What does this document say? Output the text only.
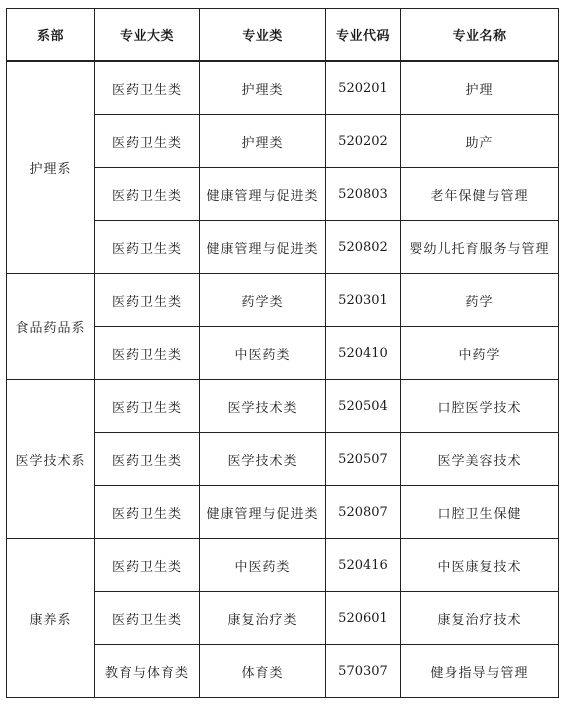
系部	专业大类	专业类	专业代码	专业名称
护理系	医药卫生类	护理类	520201	护理
	医药卫生类	护理类	520202	助产
	医药卫生类	健康管理与促进类	520803	老年保健与管理
	医药卫生类	健康管理与促进类	520802	婴幼儿托育服务与管理
食品药品系	医药卫生类	药学类	520301	药学
	医药卫生类	中医药类	520410	中药学
医学技术系	医药卫生类	医学技术类	520504	口腔医学技术
	医药卫生类	医学技术类	520507	医学美容技术
	医药卫生类	健康管理与促进类	520807	口腔卫生保健
康养系	医药卫生类	中医药类	520416	中医康复技术
	医药卫生类	康复治疗类	520601	康复治疗技术
	教育与体育类	体育类	570307	健身指导与管理
